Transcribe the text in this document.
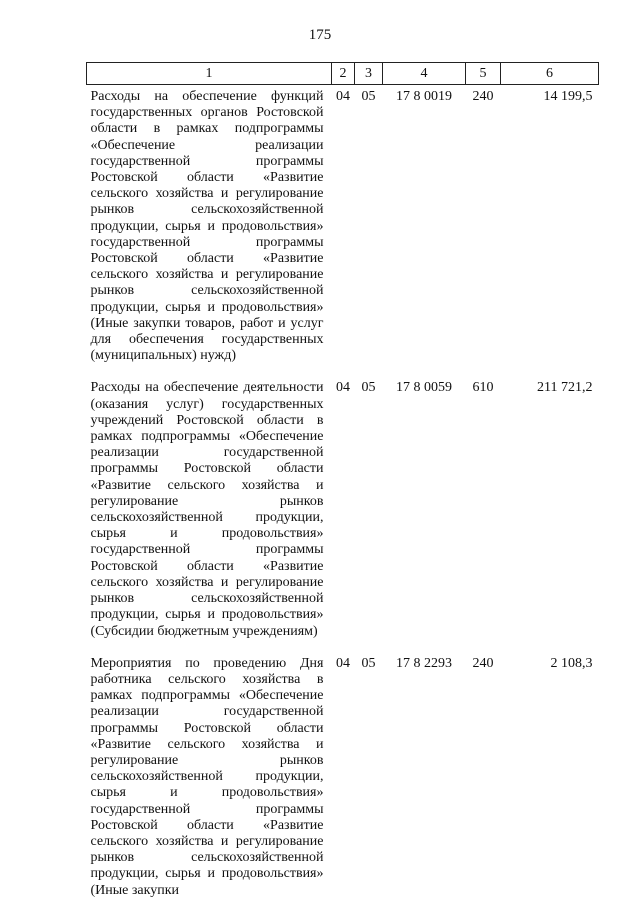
175
1	2	3	4	5	6
Расходы на обеспечение функций государственных органов Ростовской области в рамках подпрограммы «Обеспечение реализации государственной программы Ростовской области «Развитие сельского хозяйства и регулирование рынков сельскохозяйственной продукции, сырья и продовольствия» государственной программы Ростовской области «Развитие сельского хозяйства и регулирование рынков сельскохозяйственной продукции, сырья и продовольствия» (Иные закупки товаров, работ и услуг для обеспечения государственных (муниципальных) нужд)	04	05	17 8 0019	240	14 199,5
Расходы на обеспечение деятельности (оказания услуг) государственных учреждений Ростовской области в рамках подпрограммы «Обеспечение реализации государственной программы Ростовской области «Развитие сельского хозяйства и регулирование рынков сельскохозяйственной продукции, сырья и продовольствия» государственной программы Ростовской области «Развитие сельского хозяйства и регулирование рынков сельскохозяйственной продукции, сырья и продовольствия» (Субсидии бюджетным учреждениям)	04	05	17 8 0059	610	211 721,2
Мероприятия по проведению Дня работника сельского хозяйства в рамках подпрограммы «Обеспечение реализации государственной программы Ростовской области «Развитие сельского хозяйства и регулирование рынков сельскохозяйственной продукции, сырья и продовольствия» государственной программы Ростовской области «Развитие сельского хозяйства и регулирование рынков сельскохозяйственной продукции, сырья и продовольствия» (Иные закупки	04	05	17 8 2293	240	2 108,3
